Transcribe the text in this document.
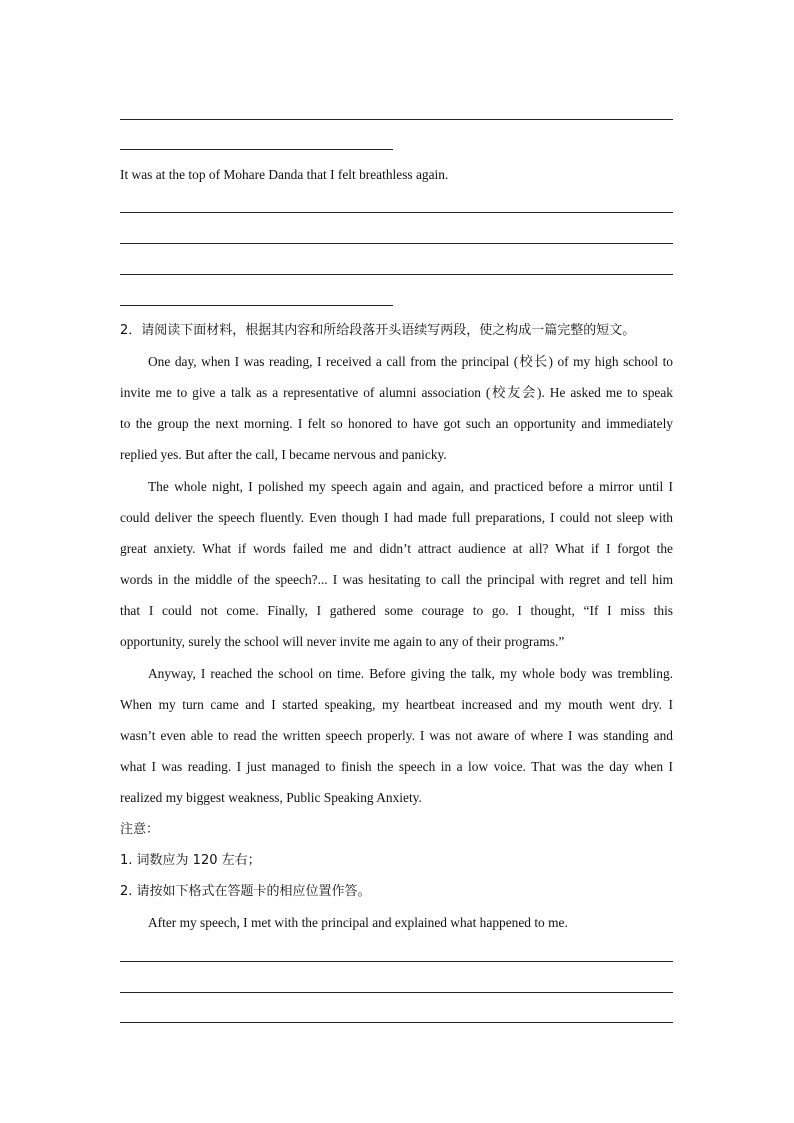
It was at the top of Mohare Danda that I felt breathless again.
2．请阅读下面材料，根据其内容和所给段落开头语续写两段，使之构成一篇完整的短文。
One day, when I was reading, I received a call from the principal (校长) of my high school to
invite me to give a talk as a representative of alumni association (校友会). He asked me to speak
to the group the next morning. I felt so honored to have got such an opportunity and immediately
replied yes. But after the call, I became nervous and panicky.
The whole night, I polished my speech again and again, and practiced before a mirror until I
could deliver the speech fluently. Even though I had made full preparations, I could not sleep with
great anxiety. What if words failed me and didn’t attract audience at all? What if I forgot the
words in the middle of the speech?... I was hesitating to call the principal with regret and tell him
that I could not come. Finally, I gathered some courage to go. I thought, “If I miss this
opportunity, surely the school will never invite me again to any of their programs.”
Anyway, I reached the school on time. Before giving the talk, my whole body was trembling.
When my turn came and I started speaking, my heartbeat increased and my mouth went dry. I
wasn’t even able to read the written speech properly. I was not aware of where I was standing and
what I was reading. I just managed to finish the speech in a low voice. That was the day when I
realized my biggest weakness, Public Speaking Anxiety.
注意：
1. 词数应为 120 左右；
2. 请按如下格式在答题卡的相应位置作答。
After my speech, I met with the principal and explained what happened to me.
